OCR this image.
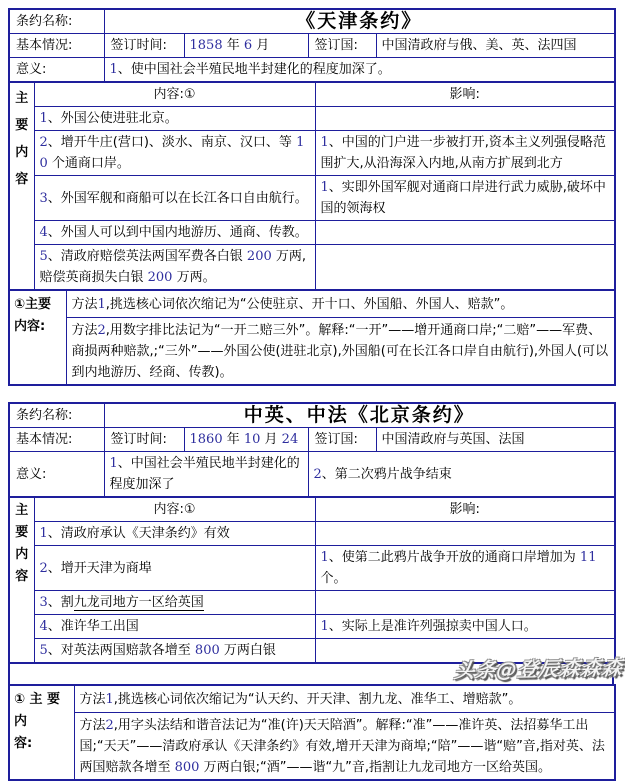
条约名称:	《天津条约》			
基本情况:	签订时间:	1858 年 6 月	签订国:	中国清政府与俄、美、英、法四国
意义:	1、使中国社会半殖民地半封建化的程度加深了。			
主要内容	内容:①	影响:
	1、外国公使进驻北京。	
	2、增开牛庄(营口)、淡水、南京、汉口、等 10 个通商口岸。	1、中国的门户进一步被打开,资本主义列强侵略范围扩大,从沿海深入内地,从南方扩展到北方
	3、外国军舰和商船可以在长江各口自由航行。	1、实即外国军舰对通商口岸进行武力威胁,破坏中国的领海权
	4、外国人可以到中国内地游历、通商、传教。	
	5、清政府赔偿英法两国军费各白银 200 万两,赔偿英商损失白银 200 万两。	
①主要
内容:	方法1,挑选核心词依次缩记为“公使驻京、开十口、外国船、外国人、赔款”。
方法2,用数字排比法记为“一开二赔三外”。解释:“一开”——增开通商口岸;“二赔”——军费、商损两种赔款,;“三外”——外国公使(进驻北京),外国船(可在长江各口岸自由航行),外国人(可以到内地游历、经商、传教)。
条约名称:	中英、中法《北京条约》			
基本情况:	签订时间:	1860 年 10 月 24	签订国:	中国清政府与英国、法国
意义:	1、中国社会半殖民地半封建化的程度加深了		2、第二次鸦片战争结束	
主要内容	内容:①	影响:
	1、清政府承认《天津条约》有效	
	2、增开天津为商埠	1、使第二此鸦片战争开放的通商口岸增加为 11 个。
	3、割九龙司地方一区给英国	
	4、准许华工出国	1、实际上是准许列强掠卖中国人口。
	5、对英法两国赔款各增至 800 万两白银	
① 主 要 内
容:	方法1,挑选核心词依次缩记为“认天约、开天津、割九龙、准华工、增赔款”。
方法2,用字头法结和谐音法记为“准(许)天天陪酒”。解释:“准”——准许英、法招募华工出国;“天天”——清政府承认《天津条约》有效,增开天津为商埠;“陪”——谐“赔”音,指对英、法两国赔款各增至 800 万两白银;“酒”——谐“九”音,指割让九龙司地方一区给英国。
头条@登辰森森森
